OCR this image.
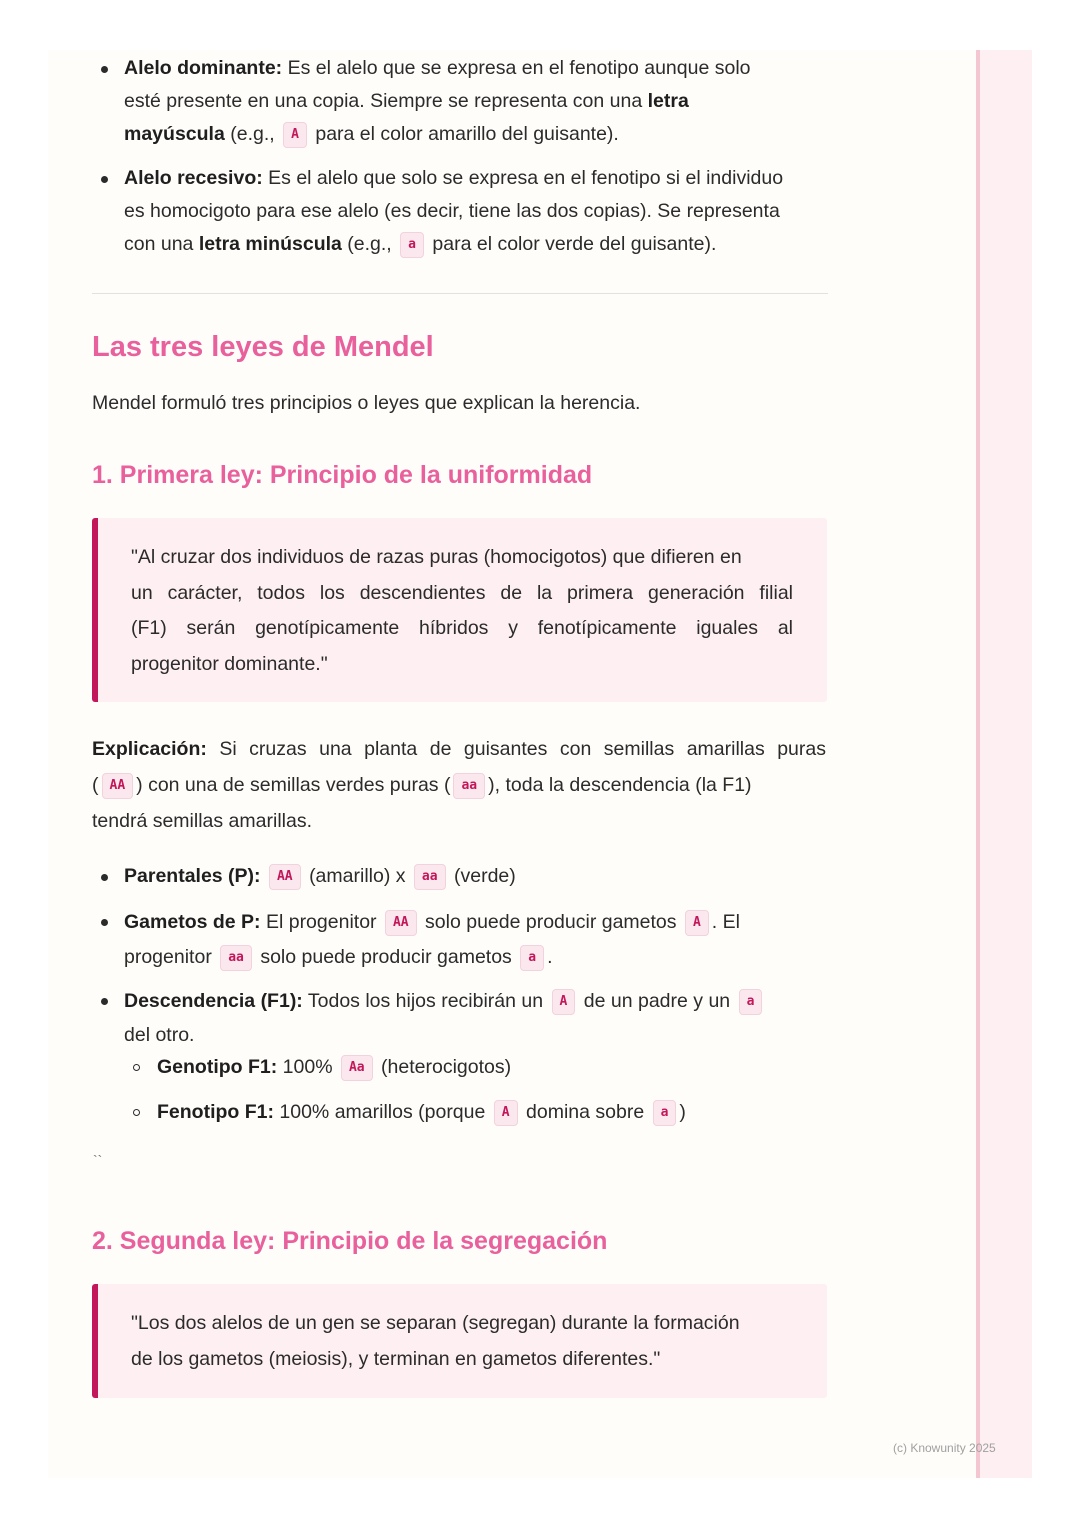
Alelo dominante: Es el alelo que se expresa en el fenotipo aunque solo
esté presente en una copia. Siempre se representa con una letra
mayúscula (e.g., A para el color amarillo del guisante).
Alelo recesivo: Es el alelo que solo se expresa en el fenotipo si el individuo
es homocigoto para ese alelo (es decir, tiene las dos copias). Se representa
con una letra minúscula (e.g., a para el color verde del guisante).
Las tres leyes de Mendel
Mendel formuló tres principios o leyes que explican la herencia.
1. Primera ley: Principio de la uniformidad

"Al cruzar dos individuos de razas puras (homocigotos) que difieren en

un carácter, todos los descendientes de la primera generación filial

(F1) serán genotípicamente híbridos y fenotípicamente iguales al

progenitor dominante."

Explicación: Si cruzas una planta de guisantes con semillas amarillas puras
( AA ) con una de semillas verdes puras ( aa ), toda la descendencia (la F1)
tendrá semillas amarillas.
Parentales (P): AA (amarillo) x aa (verde)
Gametos de P: El progenitor AA solo puede producir gametos A . El
progenitor aa solo puede producir gametos a .
Descendencia (F1): Todos los hijos recibirán un A de un padre y un a
del otro.
Genotipo F1: 100% Aa (heterocigotos)
Fenotipo F1: 100% amarillos (porque A domina sobre a )
``
2. Segunda ley: Principio de la segregación

"Los dos alelos de un gen se separan (segregan) durante la formación

de los gametos (meiosis), y terminan en gametos diferentes."

(c) Knowunity 2025
